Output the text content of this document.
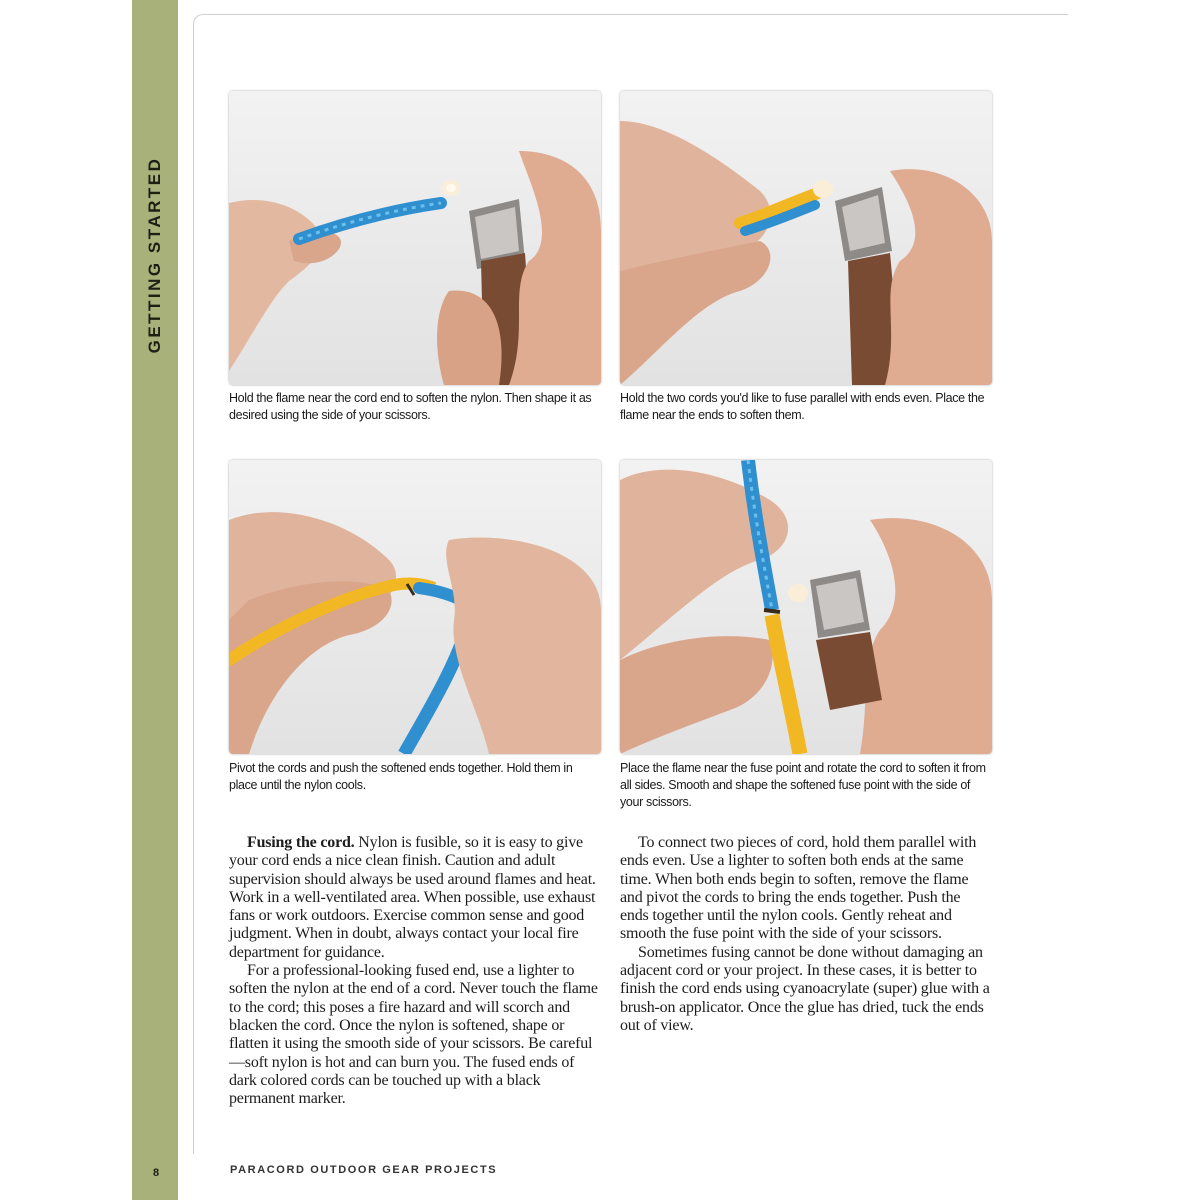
GETTING STARTED
8
Hold the flame near the cord end to soften the nylon. Then shape it as desired using the side of your scissors.
Hold the two cords you'd like to fuse parallel with ends even. Place the flame near the ends to soften them.
Pivot the cords and push the softened ends together. Hold them in place until the nylon cools.
Place the flame near the fuse point and rotate the cord to soften it from all sides. Smooth and shape the softened fuse point with the side of your scissors.

Fusing the cord. Nylon is fusible, so it is easy to give your cord ends a nice clean finish. Caution and adult supervision should always be used around flames and heat. Work in a well-ventilated area. When possible, use exhaust fans or work outdoors. Exercise common sense and good judgment. When in doubt, always contact your local fire department for guidance.

For a professional-looking fused end, use a lighter to soften the nylon at the end of a cord. Never touch the flame to the cord; this poses a fire hazard and will scorch and blacken the cord. Once the nylon is softened, shape or flatten it using the smooth side of your scissors. Be careful—soft nylon is hot and can burn you. The fused ends of dark colored cords can be touched up with a black permanent marker.

To connect two pieces of cord, hold them parallel with ends even. Use a lighter to soften both ends at the same time. When both ends begin to soften, remove the flame and pivot the cords to bring the ends together. Push the ends together until the nylon cools. Gently reheat and smooth the fuse point with the side of your scissors.

Sometimes fusing cannot be done without damaging an adjacent cord or your project. In these cases, it is better to finish the cord ends using cyanoacrylate (super) glue with a brush-on applicator. Once the glue has dried, tuck the ends out of view.

PARACORD OUTDOOR GEAR PROJECTS
